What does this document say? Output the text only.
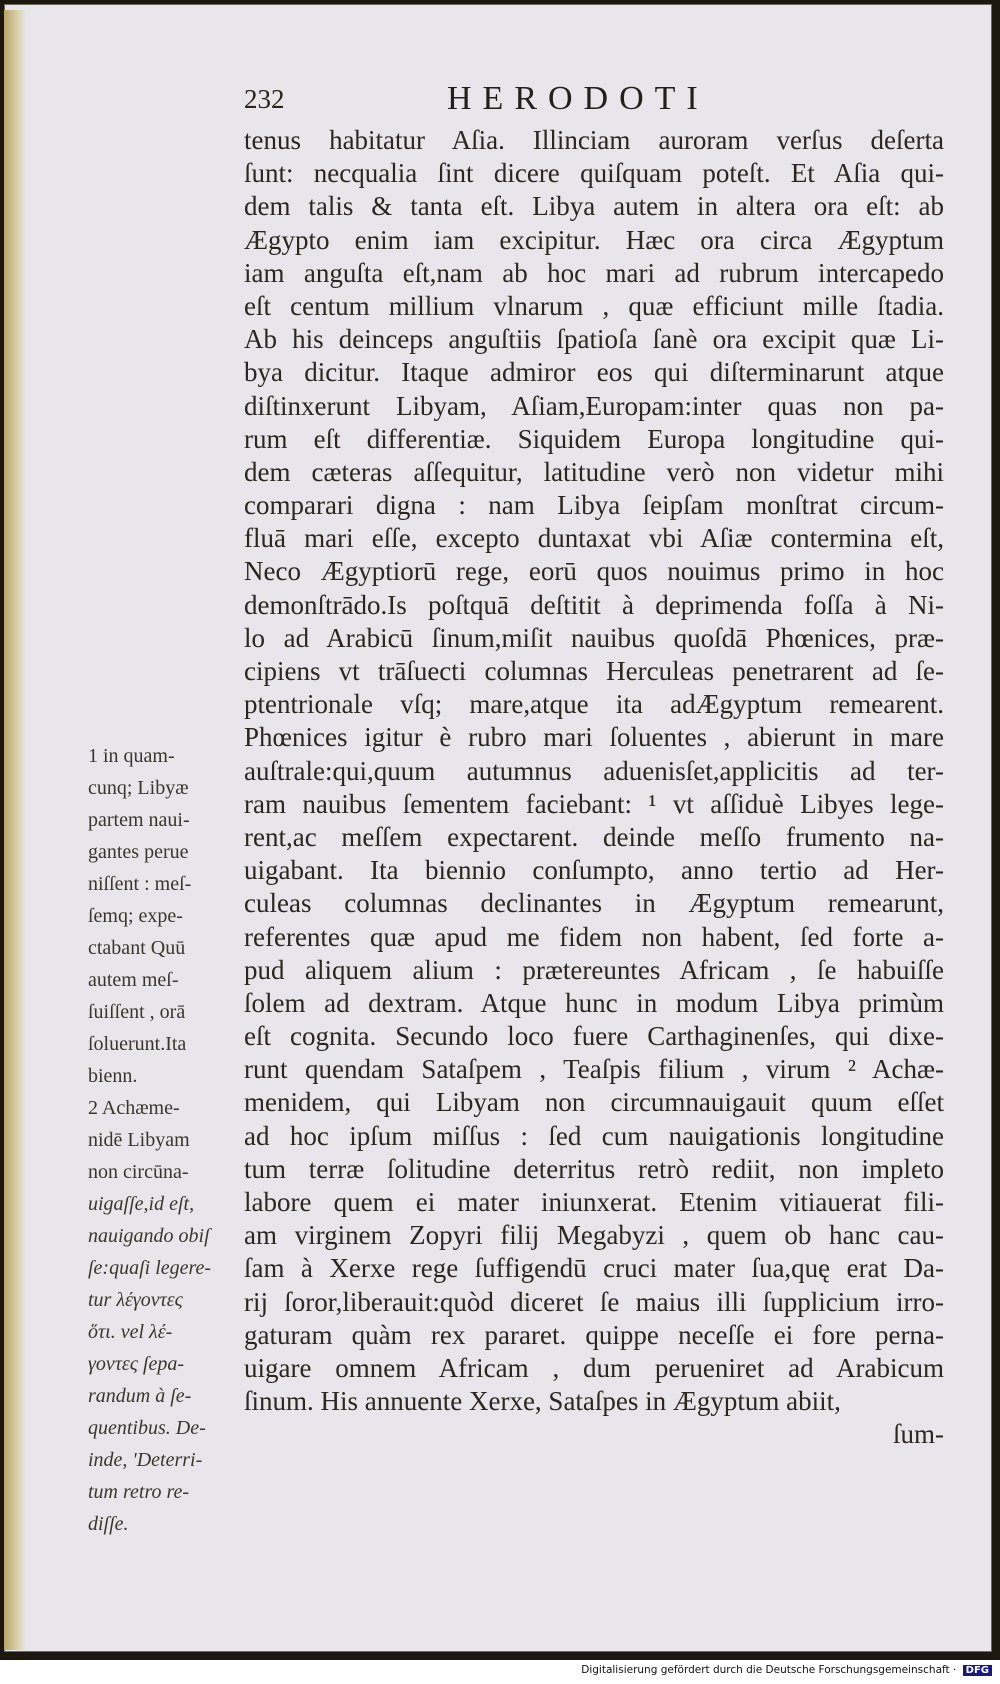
232	HERODOTI
tenus habitatur Aſia. Illinciam auroram verſus deſerta
ſunt: necqualia ſint dicere quiſquam poteſt. Et Aſia qui-
dem talis & tanta eſt. Libya autem in altera ora eſt: ab
Ægypto enim iam excipitur. Hæc ora circa Ægyptum
iam anguſta eſt,nam ab hoc mari ad rubrum intercapedo
eſt centum millium vlnarum , quæ efficiunt mille ſtadia.
Ab his deinceps anguſtiis ſpatioſa ſanè ora excipit quæ Li-
bya dicitur. Itaque admiror eos qui diſterminarunt atque
diſtinxerunt Libyam, Aſiam,Europam:inter quas non pa-
rum eſt differentiæ. Siquidem Europa longitudine qui-
dem cæteras aſſequitur, latitudine verò non videtur mihi
comparari digna : nam Libya ſeipſam monſtrat circum-
fluā mari eſſe, excepto duntaxat vbi Aſiæ contermina eſt,
Neco Ægyptiorū rege, eorū quos nouimus primo in hoc
demonſtrādo.Is poſtquā deſtitit à deprimenda foſſa à Ni-
lo ad Arabicū ſinum,miſit nauibus quoſdā Phœnices, præ-
cipiens vt trāſuecti columnas Herculeas penetrarent ad ſe-
ptentrionale vſq; mare,atque ita adÆgyptum remearent.
Phœnices igitur è rubro mari ſoluentes , abierunt in mare
auſtrale:qui,quum autumnus aduenisſet,applicitis ad ter-
ram nauibus ſementem faciebant: ¹ vt aſſiduè Libyes lege-
rent,ac meſſem expectarent. deinde meſſo frumento na-
uigabant. Ita biennio conſumpto, anno tertio ad Her-
culeas columnas declinantes in Ægyptum remearunt,
referentes quæ apud me fidem non habent, ſed forte a-
pud aliquem alium : prætereuntes Africam , ſe habuiſſe
ſolem ad dextram. Atque hunc in modum Libya primùm
eſt cognita. Secundo loco fuere Carthaginenſes, qui dixe-
runt quendam Sataſpem , Teaſpis filium , virum ² Achæ-
menidem, qui Libyam non circumnauigauit quum eſſet
ad hoc ipſum miſſus : ſed cum nauigationis longitudine
tum terræ ſolitudine deterritus retrò rediit, non impleto
labore quem ei mater iniunxerat. Etenim vitiauerat fili-
am virginem Zopyri filij Megabyzi , quem ob hanc cau-
ſam à Xerxe rege ſuffigendū cruci mater ſua,quę erat Da-
rij ſoror,liberauit:quòd diceret ſe maius illi ſupplicium irro-
gaturam quàm rex pararet. quippe neceſſe ei fore perna-
uigare omnem Africam , dum perueniret ad Arabicum
ſinum. His annuente Xerxe, Sataſpes in Ægyptum abiit,
ſum-
1 in quam-
cunq; Libyæ
partem naui-
gantes perue
niſſent : meſ-
ſemq; expe-
ctabant Quū
autem meſ-
ſuiſſent , orā
ſoluerunt.Ita
bienn.
2 Achæme-
nidē Libyam
non circūna-
uigaſſe,id eſt,
nauigando obiſ
ſe:quaſi legere-
tur λέγοντες
ὅτι. vel λέ-
γοντες ſepa-
randum à ſe-
quentibus. De-
inde, 'Deterri-
tum retro re-
diſſe.
Digitalisierung gefördert durch die Deutsche Forschungsgemeinschaft · DFG
